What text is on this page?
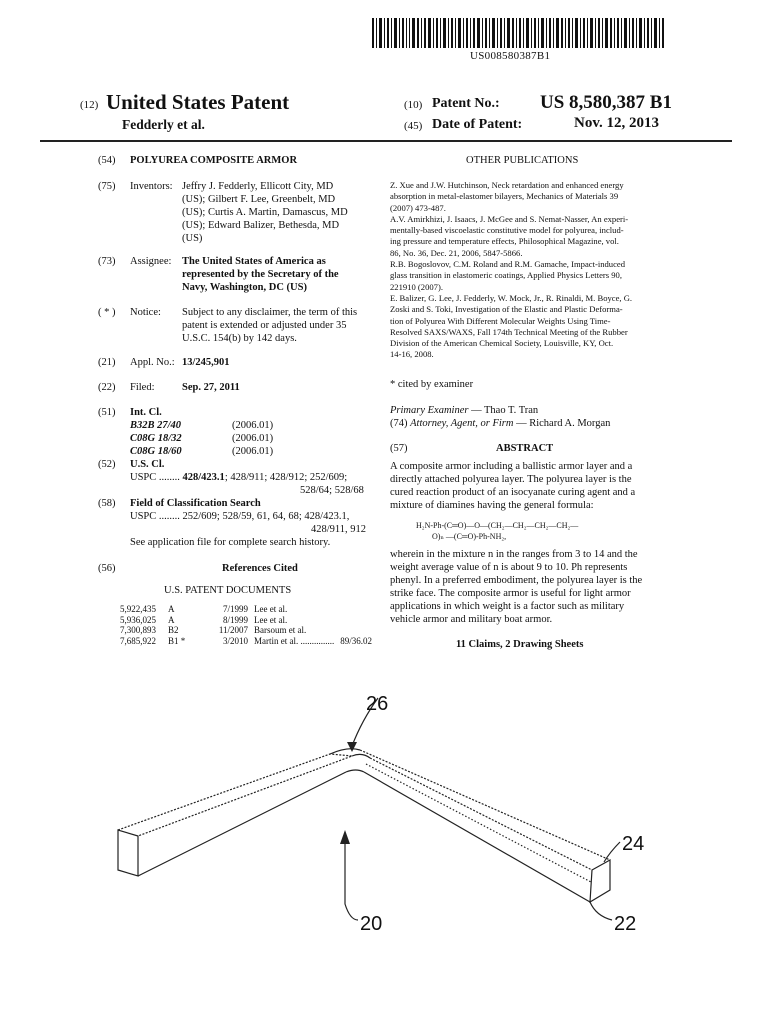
US008580387B1
(12) United States Patent
Fedderly et al.
(10) Patent No.: US 8,580,387 B1
(45) Date of Patent:	Nov. 12, 2013
(54) POLYUREA COMPOSITE ARMOR
(75) Inventors: Jeffry J. Fedderly, Ellicott City, MD
(US); Gilbert F. Lee, Greenbelt, MD
(US); Curtis A. Martin, Damascus, MD
(US); Edward Balizer, Bethesda, MD
(US)
(73) Assignee: The United States of America as
represented by the Secretary of the
Navy, Washington, DC (US)
( * ) Notice: Subject to any disclaimer, the term of this
patent is extended or adjusted under 35
U.S.C. 154(b) by 142 days.
(21) Appl. No.: 13/245,901
(22) Filed:	Sep. 27, 2011
(51) Int. Cl.
B32B 27/40	(2006.01)
C08G 18/32	(2006.01)
C08G 18/60	(2006.01)
(52) U.S. Cl.
USPC ........ 428/423.1; 428/911; 428/912; 252/609;
528/64; 528/68
(58) Field of Classification Search
USPC ........ 252/609; 528/59, 61, 64, 68; 428/423.1,
428/911, 912
See application file for complete search history.
(56)	References Cited
U.S. PATENT DOCUMENTS
5,922,435 A	7/1999 Lee et al.
5,936,025 A	8/1999 Lee et al.
7,300,893 B2	11/2007 Barsoum et al.
7,685,922 B1 *	3/2010 Martin et al. ............... 89/36.02
OTHER PUBLICATIONS
Z. Xue and J.W. Hutchinson, Neck retardation and enhanced energy
absorption in metal-elastomer bilayers, Mechanics of Materials 39
(2007) 473-487.
A.V. Amirkhizi, J. Isaacs, J. McGee and S. Nemat-Nasser, An experi-
mentally-based viscoelastic constitutive model for polyurea, includ-
ing pressure and temperature effects, Philosophical Magazine, vol.
86, No. 36, Dec. 21, 2006, 5847-5866.
R.B. Bogoslovov, C.M. Roland and R.M. Gamache, Impact-induced
glass transition in elastomeric coatings, Applied Physics Letters 90,
221910 (2007).
E. Balizer, G. Lee, J. Fedderly, W. Mock, Jr., R. Rinaldi, M. Boyce, G.
Zoski and S. Toki, Investigation of the Elastic and Plastic Deforma-
tion of Polyurea With Different Molecular Weights Using Time-
Resolved SAXS/WAXS, Fall 174th Technical Meeting of the Rubber
Division of the American Chemical Society, Louisville, KY, Oct.
14-16, 2008.
* cited by examiner
Primary Examiner — Thao T. Tran
(74) Attorney, Agent, or Firm — Richard A. Morgan
(57)	ABSTRACT
A composite armor including a ballistic armor layer and a
directly attached polyurea layer. The polyurea layer is the
cured reaction product of an isocyanate curing agent and a
mixture of diamines having the general formula:
H₂N-Ph-(C═O)—O—(CH₂—CH₂—CH₂—CH₂—
O)ₙ —(C═O)-Ph-NH₂,
wherein in the mixture n in the ranges from 3 to 14 and the
weight average value of n is about 9 to 10. Ph represents
phenyl. In a preferred embodiment, the polyurea layer is the
strike face. The composite armor is useful for light armor
applications in which weight is a factor such as military
vehicle armor and military boat armor.
11 Claims, 2 Drawing Sheets
26
24
20	22
